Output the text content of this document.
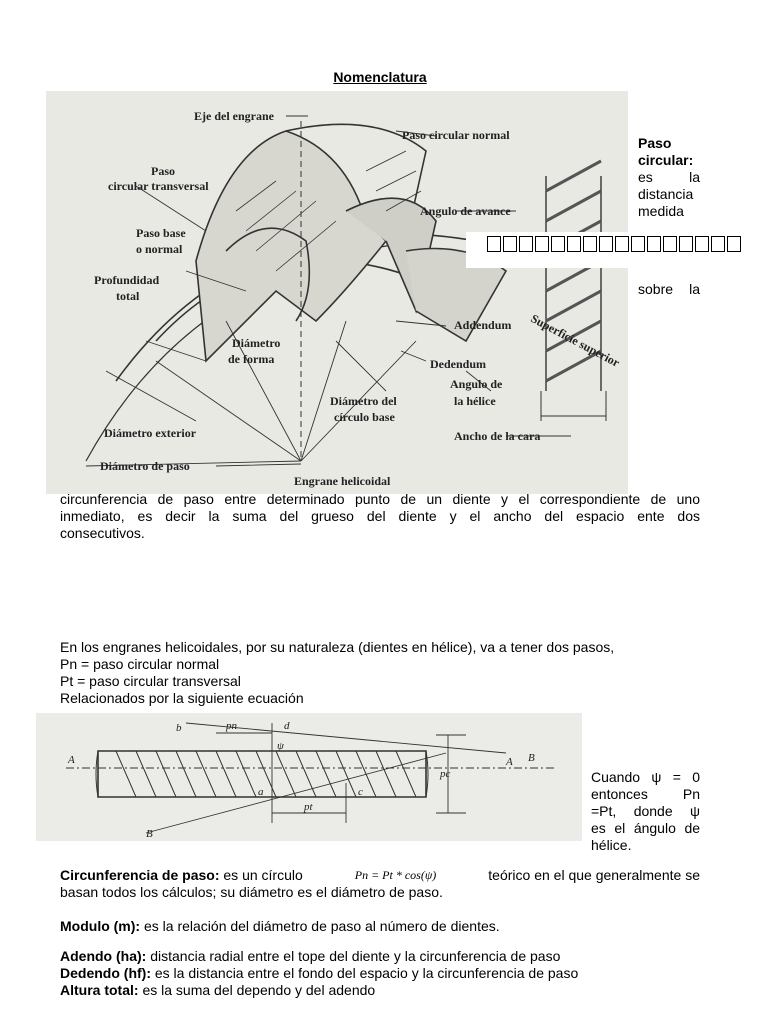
Nomenclatura
Eje del engrane
Paso circular normal
Paso
circular transversal
Paso base
o normal
Angulo de avance
Profundidad
total
Addendum
Dedendum
Diámetro
de forma	Superficie superior
Angulo de
la hélice
Diámetro del
círculo base
Diámetro exterior	Ancho de la cara
Diámetro de paso
Engrane helicoidal
Paso
circular:
es	la
distancia
medida
sobre la
circunferencia de paso entre determinado punto de un diente y el correspondiente de uno
inmediato, es decir la suma del grueso del diente y el ancho del espacio ente dos
consecutivos.
En los engranes helicoidales, por su naturaleza (dientes en hélice), va a tener dos pasos,
Pn = paso circular normal
Pt = paso circular transversal
Relacionados por la siguiente ecuación
pn
pt
pc
d
ψ
A	A
b
B
B
c
a
Cuando ψ = 0
entonces	Pn
=Pt, donde ψ
es el ángulo de
hélice.
Circunferencia de paso: es un círculo	Pn = Pt * cos(ψ)	teórico en el que generalmente se
basan todos los cálculos; su diámetro es el diámetro de paso.
Modulo (m): es la relación del diámetro de paso al número de dientes.
Adendo (ha): distancia radial entre el tope del diente y la circunferencia de paso
Dedendo (hf): es la distancia entre el fondo del espacio y la circunferencia de paso
Altura total: es la suma del dependo y del adendo
